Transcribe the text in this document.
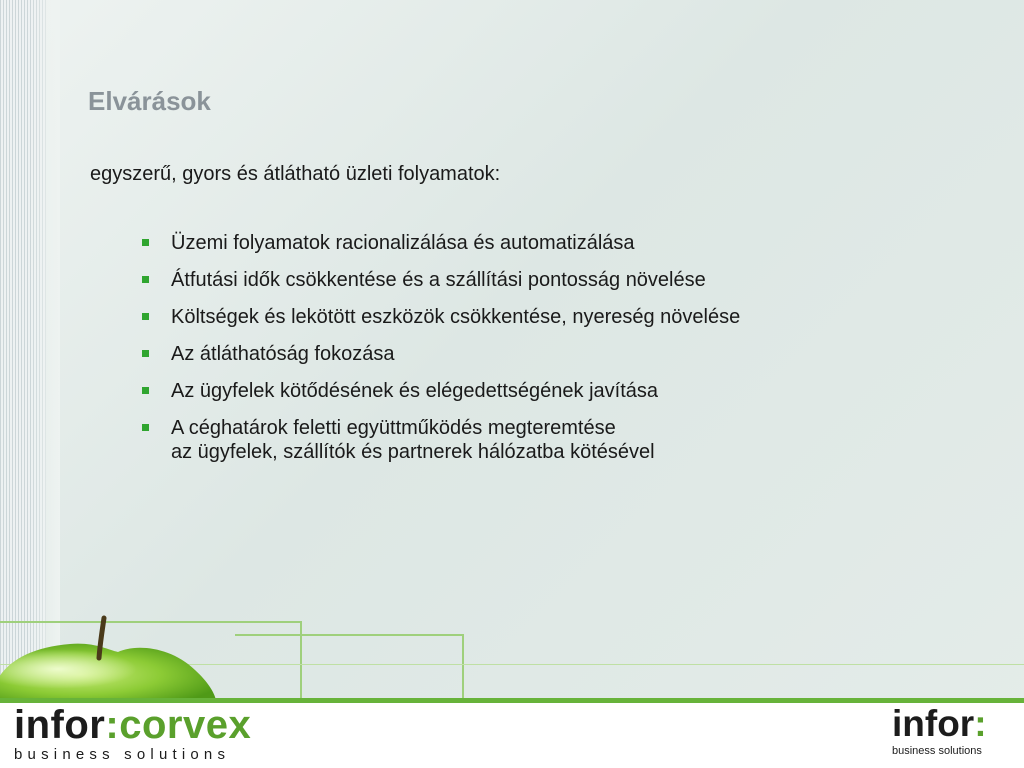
Elvárások
egyszerű, gyors és átlátható üzleti folyamatok:
Üzemi folyamatok racionalizálása és automatizálása
Átfutási idők csökkentése és a szállítási pontosság növelése
Költségek és lekötött eszközök csökkentése, nyereség növelése
Az átláthatóság fokozása
Az ügyfelek kötődésének és elégedettségének javítása
A céghatárok feletti együttműködés megteremtése
az ügyfelek, szállítók és partnerek hálózatba kötésével
infor:corvex
business solutions
infor:
business solutions
